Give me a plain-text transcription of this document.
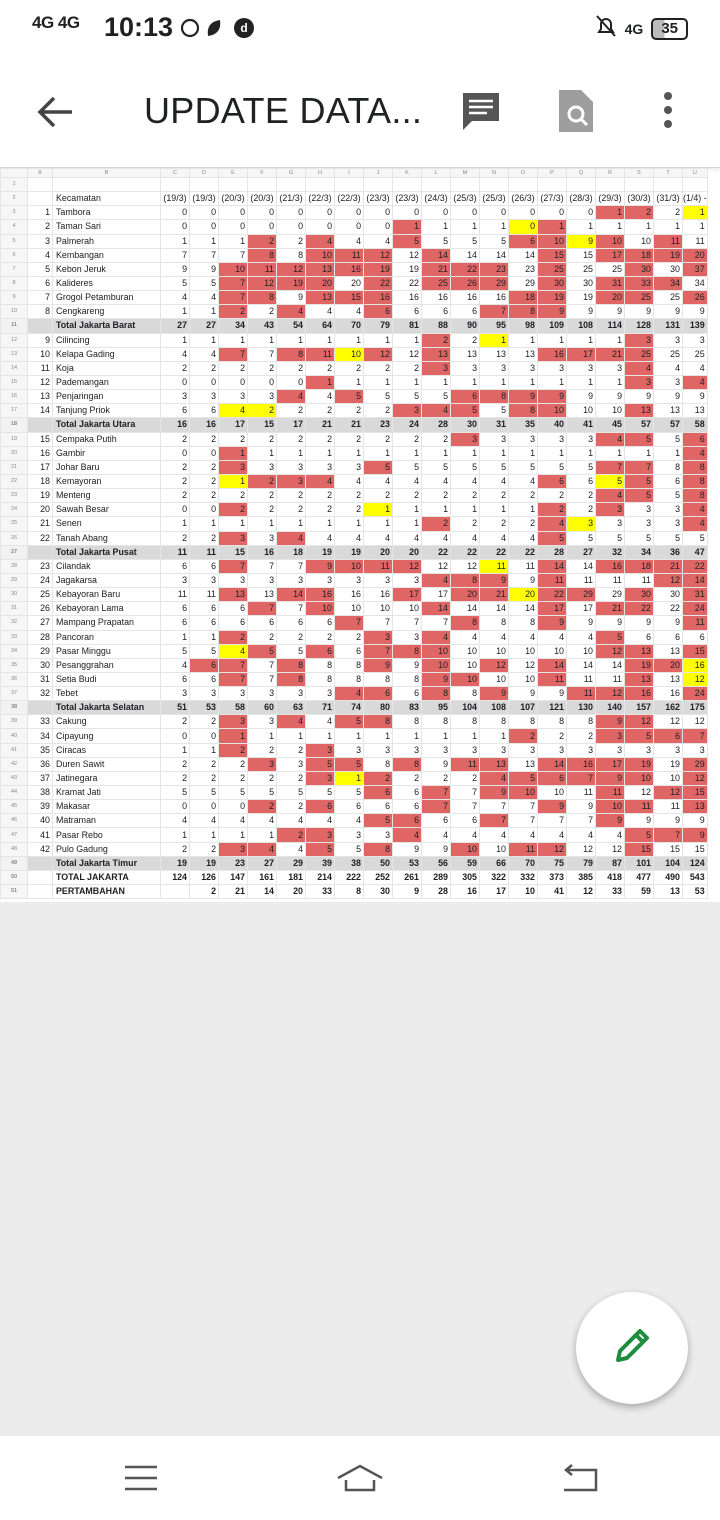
4G 4G 10:13	d	4G	35
UPDATE DATA...
	A	B	C	D	E	F	G	H	I	J	K	L	M	N	O	P	Q	R	S	T	U
1																					
2		Kecamatan	(19/3)	(19/3)	(20/3)	(20/3)	(21/3)	(22/3)	(22/3)	(23/3)	(23/3)	(24/3)	(25/3)	(25/3)	(26/3)	(27/3)	(28/3)	(29/3)	(30/3)	(31/3)	(1/4) -
3	1	Tambora	0	0	0	0	0	0	0	0	0	0	0	0	0	0	0	1	2	2	1
4	2	Taman Sari	0	0	0	0	0	0	0	0	1	1	1	1	0	1	1	1	1	1	1
5	3	Palmerah	1	1	1	2	2	4	4	4	5	5	5	5	6	10	9	10	10	11	11
6	4	Kembangan	7	7	7	8	8	10	11	12	12	14	14	14	14	15	15	17	18	19	20
7	5	Kebon Jeruk	9	9	10	11	12	13	16	19	19	21	22	23	23	25	25	25	30	30	37
8	6	Kalideres	5	5	7	12	19	20	20	22	22	25	26	29	29	30	30	31	33	34	34
9	7	Grogol Petamburan	4	4	7	8	9	13	15	16	16	16	16	16	18	19	19	20	25	25	26
10	8	Cengkareng	1	1	2	2	4	4	4	6	6	6	6	7	8	9	9	9	9	9	9
11		Total Jakarta Barat	27	27	34	43	54	64	70	79	81	88	90	95	98	109	108	114	128	131	139
12	9	Cilincing	1	1	1	1	1	1	1	1	1	2	2	1	1	1	1	1	3	3	3
13	10	Kelapa Gading	4	4	7	7	8	11	10	12	12	13	13	13	13	16	17	21	25	25	25
14	11	Koja	2	2	2	2	2	2	2	2	2	3	3	3	3	3	3	3	4	4	4
15	12	Pademangan	0	0	0	0	0	1	1	1	1	1	1	1	1	1	1	1	3	3	4
16	13	Penjaringan	3	3	3	3	4	4	5	5	5	5	6	8	9	9	9	9	9	9	9
17	14	Tanjung Priok	6	6	4	2	2	2	2	2	3	4	5	5	8	10	10	10	13	13	13
18		Total Jakarta Utara	16	16	17	15	17	21	21	23	24	28	30	31	35	40	41	45	57	57	58
19	15	Cempaka Putih	2	2	2	2	2	2	2	2	2	2	3	3	3	3	3	4	5	5	6
20	16	Gambir	0	0	1	1	1	1	1	1	1	1	1	1	1	1	1	1	1	1	4
21	17	Johar Baru	2	2	3	3	3	3	3	5	5	5	5	5	5	5	5	7	7	8	8
22	18	Kemayoran	2	2	1	2	3	4	4	4	4	4	4	4	4	6	6	5	5	6	8
23	19	Menteng	2	2	2	2	2	2	2	2	2	2	2	2	2	2	2	4	5	5	8
24	20	Sawah Besar	0	0	2	2	2	2	2	1	1	1	1	1	1	2	2	3	3	3	4
25	21	Senen	1	1	1	1	1	1	1	1	1	2	2	2	2	4	3	3	3	3	4
26	22	Tanah Abang	2	2	3	3	4	4	4	4	4	4	4	4	4	5	5	5	5	5	5
27		Total Jakarta Pusat	11	11	15	16	18	19	19	20	20	22	22	22	22	28	27	32	34	36	47
28	23	Cilandak	6	6	7	7	7	9	10	11	12	12	12	11	11	14	14	16	18	21	22
29	24	Jagakarsa	3	3	3	3	3	3	3	3	3	4	8	9	9	11	11	11	11	12	14
30	25	Kebayoran Baru	11	11	13	13	14	16	16	16	17	17	20	21	20	22	29	29	30	30	31
31	26	Kebayoran Lama	6	6	6	7	7	10	10	10	10	14	14	14	14	17	17	21	22	22	24
32	27	Mampang Prapatan	6	6	6	6	6	6	7	7	7	7	8	8	8	9	9	9	9	9	11
33	28	Pancoran	1	1	2	2	2	2	2	3	3	4	4	4	4	4	4	5	6	6	6
34	29	Pasar Minggu	5	5	4	5	5	6	6	7	8	10	10	10	10	10	10	12	13	13	15
35	30	Pesanggrahan	4	6	7	7	8	8	8	9	9	10	10	12	12	14	14	14	19	20	16
36	31	Setia Budi	6	6	7	7	8	8	8	8	8	9	10	10	10	11	11	11	13	13	12
37	32	Tebet	3	3	3	3	3	3	4	6	6	8	8	9	9	9	11	12	16	16	24
38		Total Jakarta Selatan	51	53	58	60	63	71	74	80	83	95	104	108	107	121	130	140	157	162	175
39	33	Cakung	2	2	3	3	4	4	5	8	8	8	8	8	8	8	8	9	12	12	12
40	34	Cipayung	0	0	1	1	1	1	1	1	1	1	1	1	2	2	2	3	5	6	7
41	35	Ciracas	1	1	2	2	2	3	3	3	3	3	3	3	3	3	3	3	3	3	3
42	36	Duren Sawit	2	2	2	3	3	5	5	8	8	9	11	13	13	14	16	17	19	19	29
43	37	Jatinegara	2	2	2	2	2	3	1	2	2	2	2	4	5	6	7	9	10	10	12
44	38	Kramat Jati	5	5	5	5	5	5	5	6	6	7	7	9	10	10	11	11	12	12	15
45	39	Makasar	0	0	0	2	2	6	6	6	6	7	7	7	7	9	9	10	11	11	13
46	40	Matraman	4	4	4	4	4	4	4	5	6	6	6	7	7	7	7	9	9	9	9
47	41	Pasar Rebo	1	1	1	1	2	3	3	3	4	4	4	4	4	4	4	4	5	7	9
48	42	Pulo Gadung	2	2	3	4	4	5	5	8	9	9	10	10	11	12	12	12	15	15	15
49		Total Jakarta Timur	19	19	23	27	29	39	38	50	53	56	59	66	70	75	79	87	101	104	124
50		TOTAL JAKARTA	124	126	147	161	181	214	222	252	261	289	305	322	332	373	385	418	477	490	543
51		PERTAMBAHAN		2	21	14	20	33	8	30	9	28	16	17	10	41	12	33	59	13	53
